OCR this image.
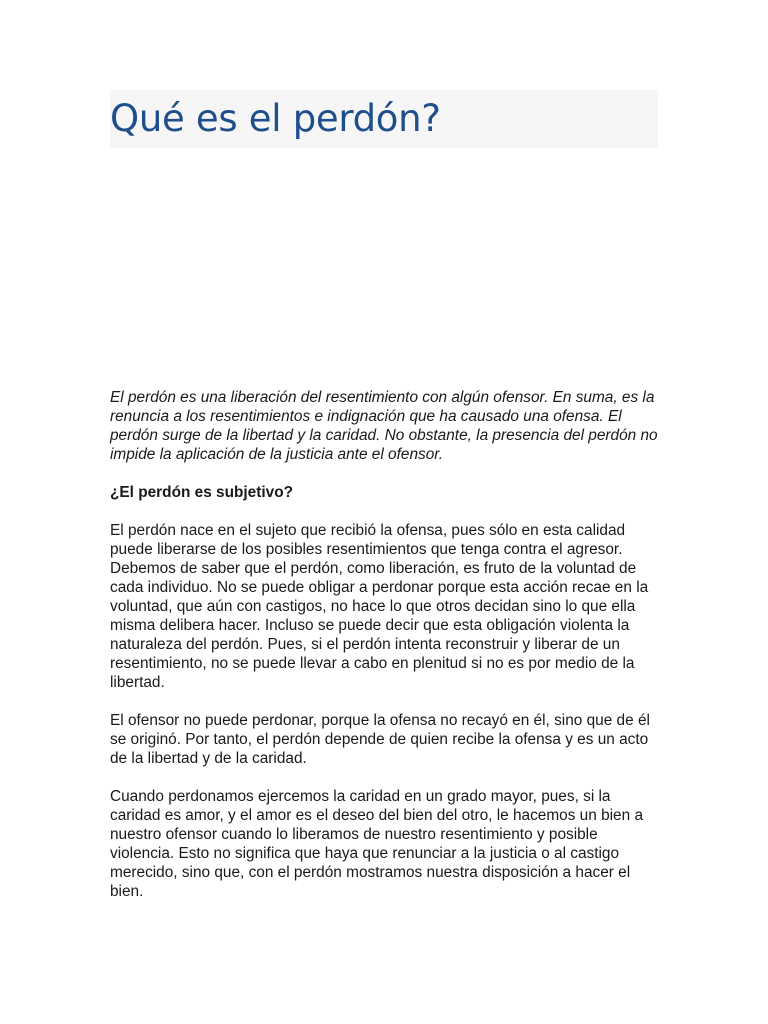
Qué es el perdón?

El perdón es una liberación del resentimiento con algún ofensor. En suma, es la renuncia a los resentimientos e indignación que ha causado una ofensa. El perdón surge de la libertad y la caridad. No obstante, la presencia del perdón no impide la aplicación de la justicia ante el ofensor.

¿El perdón es subjetivo?

El perdón nace en el sujeto que recibió la ofensa, pues sólo en esta calidad puede liberarse de los posibles resentimientos que tenga contra el agresor. Debemos de saber que el perdón, como liberación, es fruto de la voluntad de cada individuo. No se puede obligar a perdonar porque esta acción recae en la voluntad, que aún con castigos, no hace lo que otros decidan sino lo que ella misma delibera hacer. Incluso se puede decir que esta obligación violenta la naturaleza del perdón. Pues, si el perdón intenta reconstruir y liberar de un resentimiento, no se puede llevar a cabo en plenitud si no es por medio de la libertad.

El ofensor no puede perdonar, porque la ofensa no recayó en él, sino que de él se originó. Por tanto, el perdón depende de quien recibe la ofensa y es un acto de la libertad y de la caridad.

Cuando perdonamos ejercemos la caridad en un grado mayor, pues, si la caridad es amor, y el amor es el deseo del bien del otro, le hacemos un bien a nuestro ofensor cuando lo liberamos de nuestro resentimiento y posible violencia. Esto no significa que haya que renunciar a la justicia o al castigo merecido, sino que, con el perdón mostramos nuestra disposición a hacer el bien.
